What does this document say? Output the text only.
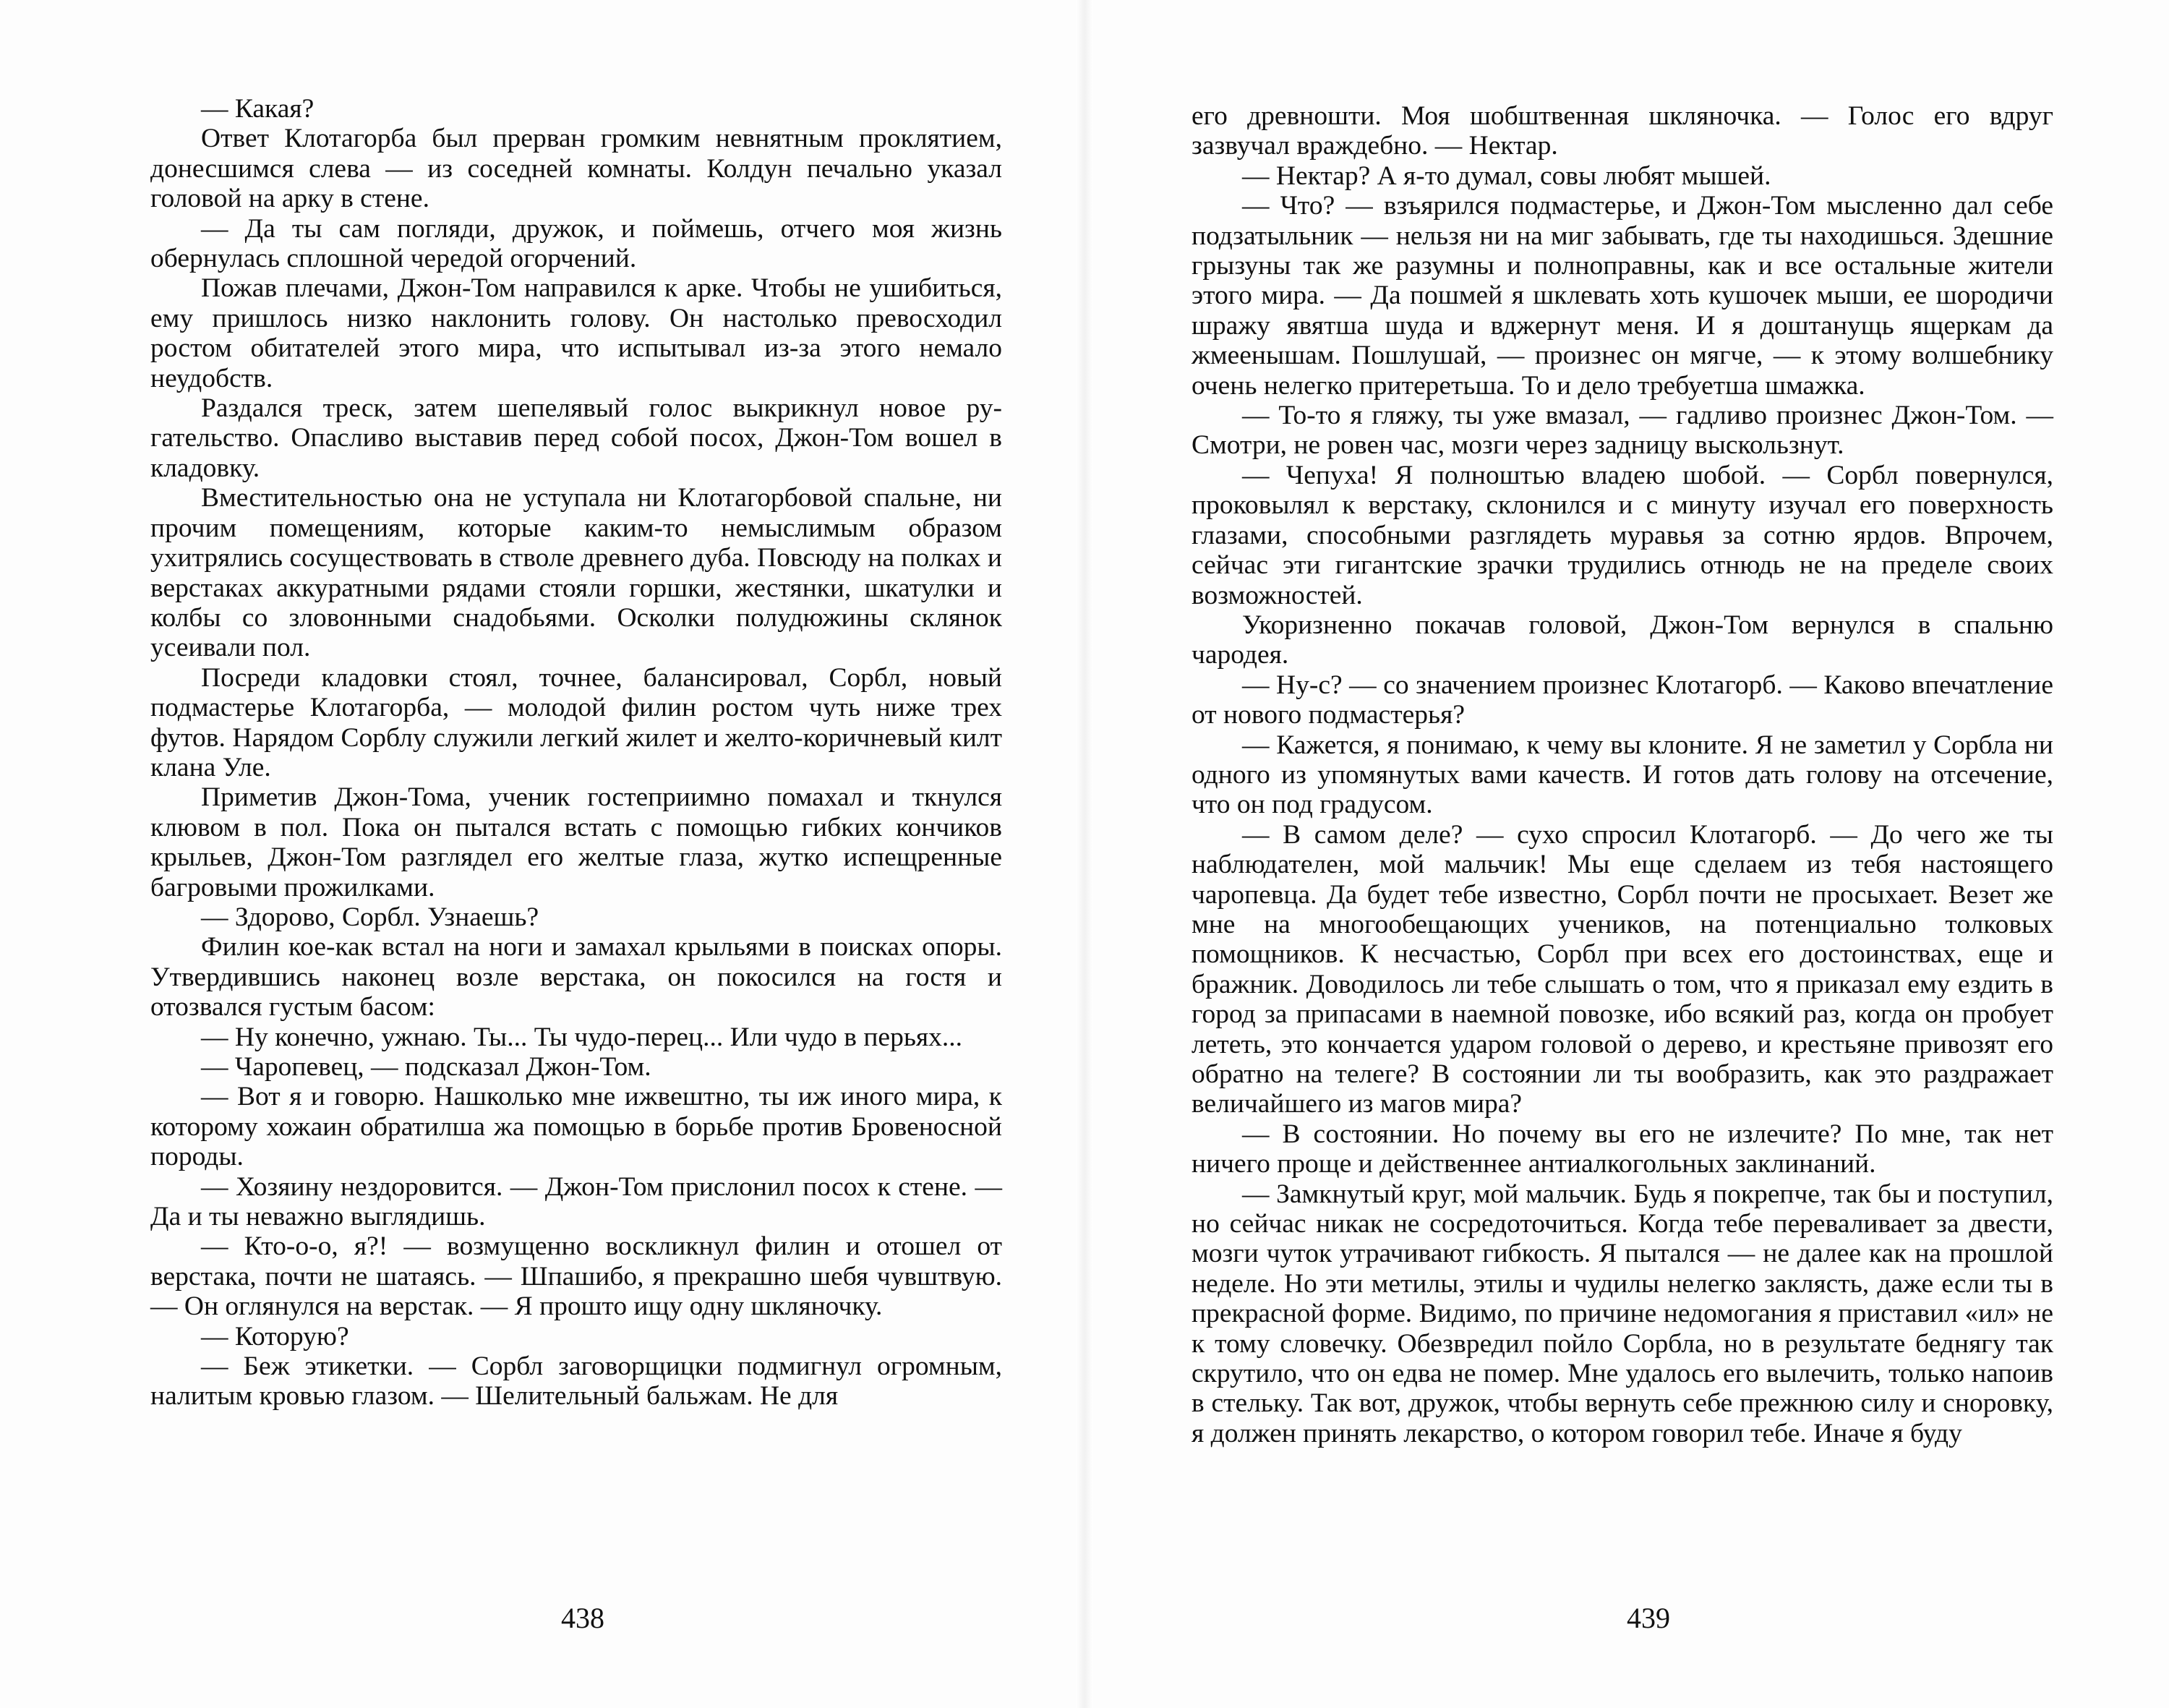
— Какая?

Ответ Клотагорба был прерван громким невнятным проклятием, донесшимся слева — из соседней комнаты. Колдун печально указал головой на арку в стене.

— Да ты сам погляди, дружок, и поймешь, отчего моя жизнь обернулась сплошной чередой огорчений.

Пожав плечами, Джон-Том направился к арке. Чтобы не ушибиться, ему пришлось низко наклонить голову. Он настолько превосходил ростом обитателей этого мира, что испытывал из-за этого немало неудобств.

Раздался треск, затем шепелявый голос выкрикнул новое ругательство. Опасливо выставив перед собой посох, Джон-Том вошел в кладовку.

Вместительностью она не уступала ни Клотагорбовой спальне, ни прочим помещениям, которые каким-то немыслимым образом ухитрялись сосуществовать в стволе древнего дуба. Повсюду на полках и верстаках аккуратными рядами стояли горшки, жестянки, шкатулки и колбы со зловонными снадобьями. Осколки полудюжины склянок усеивали пол.

Посреди кладовки стоял, точнее, балансировал, Сорбл, новый подмастерье Клотагорба, — молодой филин ростом чуть ниже трех футов. Нарядом Сорблу служили легкий жилет и желто-коричневый килт клана Уле.

Приметив Джон-Тома, ученик гостеприимно помахал и ткнулся клювом в пол. Пока он пытался встать с помощью гибких кончиков крыльев, Джон-Том разглядел его желтые глаза, жутко испещренные багровыми прожилками.

— Здорово, Сорбл. Узнаешь?

Филин кое-как встал на ноги и замахал крыльями в поисках опоры. Утвердившись наконец возле верстака, он покосился на гостя и отозвался густым басом:

— Ну конечно, ужнаю. Ты... Ты чудо-перец... Или чудо в перьях...

— Чаропевец, — подсказал Джон-Том.

— Вот я и говорю. Нашколько мне ижвештно, ты иж иного мира, к которому хожаин обратилша жа помощью в борьбе против Бровеносной породы.

— Хозяину нездоровится. — Джон-Том прислонил посох к стене. — Да и ты неважно выглядишь.

— Кто-о-о, я?! — возмущенно воскликнул филин и отошел от верстака, почти не шатаясь. — Шпашибо, я прекрашно шебя чувштвую. — Он оглянулся на верстак. — Я прошто ищу одну шкляночку.

— Которую?

— Беж этикетки. — Сорбл заговорщицки подмигнул огромным, налитым кровью глазом. — Шелительный бальжам. Не для

438

его древношти. Моя шобштвенная шкляночка. — Голос его вдруг зазвучал враждебно. — Нектар.

— Нектар? А я-то думал, совы любят мышей.

— Что? — взъярился подмастерье, и Джон-Том мысленно дал себе подзатыльник — нельзя ни на миг забывать, где ты находишься. Здешние грызуны так же разумны и полноправны, как и все остальные жители этого мира. — Да пошмей я шклевать хоть кушочек мыши, ее шородичи шражу явятша шуда и вджернут меня. И я доштанущь ящеркам да жмеенышам. Пошлушай, — произнес он мягче, — к этому волшебнику очень нелегко притеретьша. То и дело требуетша шмажка.

— То-то я гляжу, ты уже вмазал, — гадливо произнес Джон-Том. — Смотри, не ровен час, мозги через задницу выскользнут.

— Чепуха! Я полноштью владею шобой. — Сорбл повернулся, проковылял к верстаку, склонился и с минуту изучал его поверхность глазами, способными разглядеть муравья за сотню ярдов. Впрочем, сейчас эти гигантские зрачки трудились отнюдь не на пределе своих возможностей.

Укоризненно покачав головой, Джон-Том вернулся в спальню чародея.

— Ну-с? — со значением произнес Клотагорб. — Каково впечатление от нового подмастерья?

— Кажется, я понимаю, к чему вы клоните. Я не заметил у Сорбла ни одного из упомянутых вами качеств. И готов дать голову на отсечение, что он под градусом.

— В самом деле? — сухо спросил Клотагорб. — До чего же ты наблюдателен, мой мальчик! Мы еще сделаем из тебя настоящего чаропевца. Да будет тебе известно, Сорбл почти не просыхает. Везет же мне на многообещающих учеников, на потенциально толковых помощников. К несчастью, Сорбл при всех его достоинствах, еще и бражник. Доводилось ли тебе слышать о том, что я приказал ему ездить в город за припасами в наемной повозке, ибо всякий раз, когда он пробует лететь, это кончается ударом головой о дерево, и крестьяне привозят его обратно на телеге? В состоянии ли ты вообразить, как это раздражает величайшего из магов мира?

— В состоянии. Но почему вы его не излечите? По мне, так нет ничего проще и действеннее антиалкогольных заклинаний.

— Замкнутый круг, мой мальчик. Будь я покрепче, так бы и поступил, но сейчас никак не сосредоточиться. Когда тебе переваливает за двести, мозги чуток утрачивают гибкость. Я пытался — не далее как на прошлой неделе. Но эти метилы, этилы и чудилы нелегко заклясть, даже если ты в прекрасной форме. Видимо, по причине недомогания я приставил «ил» не к тому словечку. Обезвредил пойло Сорбла, но в результате беднягу так скрутило, что он едва не помер. Мне удалось его вылечить, только напоив в стельку. Так вот, дружок, чтобы вернуть себе прежнюю силу и сноровку, я должен принять лекарство, о котором говорил тебе. Иначе я буду

439
